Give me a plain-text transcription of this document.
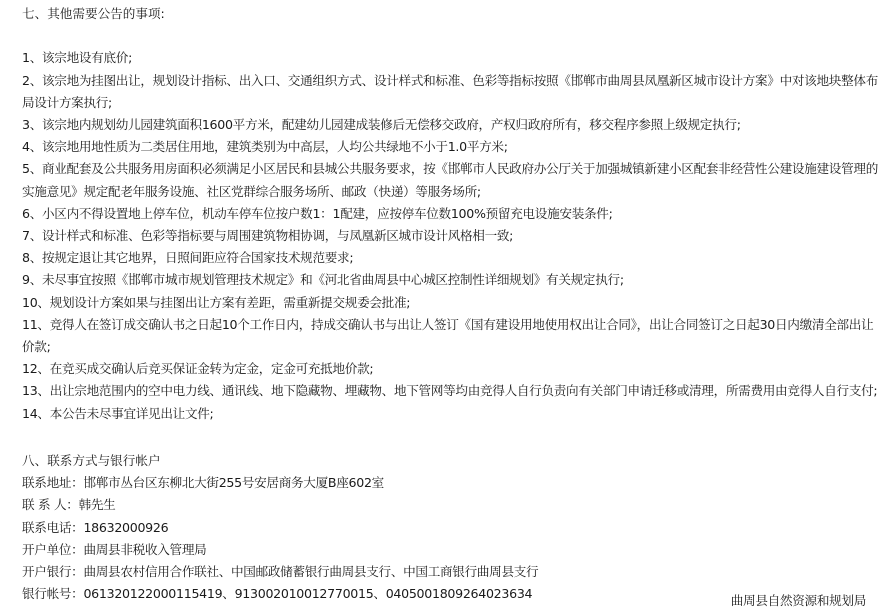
七、其他需要公告的事项:
1、该宗地设有底价;
2、该宗地为挂图出让，规划设计指标、出入口、交通组织方式、设计样式和标准、色彩等指标按照《邯郸市曲周县凤凰新区城市设计方案》中对该地块整体布局设计方案执行;
3、该宗地内规划幼儿园建筑面积1600平方米，配建幼儿园建成装修后无偿移交政府，产权归政府所有，移交程序参照上级规定执行;
4、该宗地用地性质为二类居住用地，建筑类别为中高层，人均公共绿地不小于1.0平方米;
5、商业配套及公共服务用房面积必须满足小区居民和县城公共服务要求，按《邯郸市人民政府办公厅关于加强城镇新建小区配套非经营性公建设施建设管理的实施意见》规定配老年服务设施、社区党群综合服务场所、邮政（快递）等服务场所;
6、小区内不得设置地上停车位，机动车停车位按户数1：1配建，应按停车位数100%预留充电设施安装条件;
7、设计样式和标准、色彩等指标要与周围建筑物相协调，与凤凰新区城市设计风格相一致;
8、按规定退让其它地界，日照间距应符合国家技术规范要求;
9、未尽事宜按照《邯郸市城市规划管理技术规定》和《河北省曲周县中心城区控制性详细规划》有关规定执行;
10、规划设计方案如果与挂图出让方案有差距，需重新提交规委会批准;
11、竞得人在签订成交确认书之日起10个工作日内，持成交确认书与出让人签订《国有建设用地使用权出让合同》，出让合同签订之日起30日内缴清全部出让价款;
12、在竞买成交确认后竞买保证金转为定金，定金可充抵地价款;
13、出让宗地范围内的空中电力线、通讯线、地下隐藏物、埋藏物、地下管网等均由竞得人自行负责向有关部门申请迁移或清理，所需费用由竞得人自行支付;
14、本公告未尽事宜详见出让文件;
八、联系方式与银行帐户
联系地址：邯郸市丛台区东柳北大街255号安居商务大厦B座602室
联 系 人：韩先生
联系电话：18632000926
开户单位：曲周县非税收入管理局
开户银行：曲周县农村信用合作联社、中国邮政储蓄银行曲周县支行、中国工商银行曲周县支行
银行帐号：061320122000115419、913002010012770015、0405001809264023634	曲周县自然资源和规划局
